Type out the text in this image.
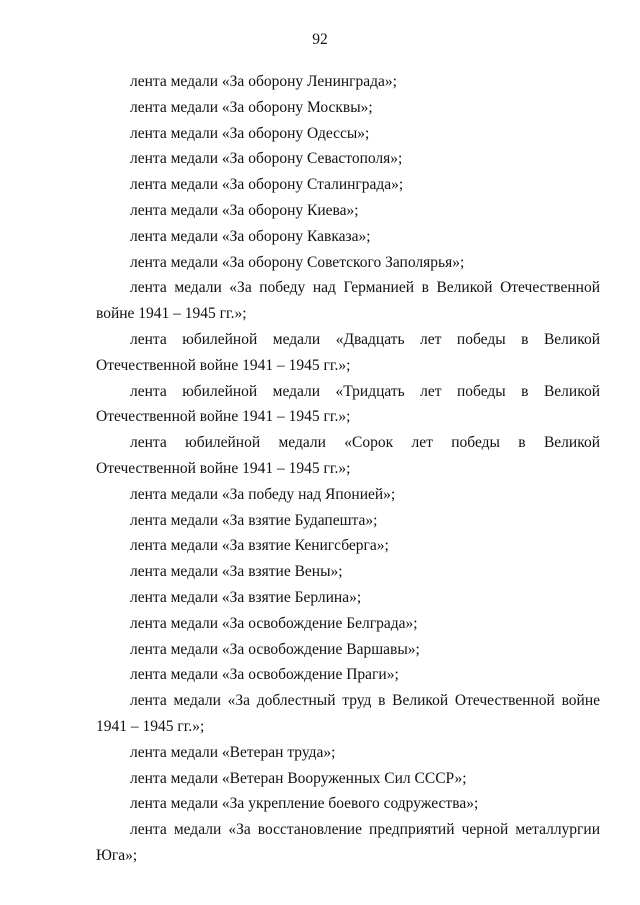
92

лента медали «За оборону Ленинграда»;

лента медали «За оборону Москвы»;

лента медали «За оборону Одессы»;

лента медали «За оборону Севастополя»;

лента медали «За оборону Сталинграда»;

лента медали «За оборону Киева»;

лента медали «За оборону Кавказа»;

лента медали «За оборону Советского Заполярья»;

лента медали «За победу над Германией в Великой Отечественной войне 1941 – 1945 гг.»;

лента юбилейной медали «Двадцать лет победы в Великой Отечественной войне 1941 – 1945 гг.»;

лента юбилейной медали «Тридцать лет победы в Великой Отечественной войне 1941 – 1945 гг.»;

лента юбилейной медали «Сорок лет победы в Великой Отечественной войне 1941 – 1945 гг.»;

лента медали «За победу над Японией»;

лента медали «За взятие Будапешта»;

лента медали «За взятие Кенигсберга»;

лента медали «За взятие Вены»;

лента медали «За взятие Берлина»;

лента медали «За освобождение Белграда»;

лента медали «За освобождение Варшавы»;

лента медали «За освобождение Праги»;

лента медали «За доблестный труд в Великой Отечественной войне 1941 – 1945 гг.»;

лента медали «Ветеран труда»;

лента медали «Ветеран Вооруженных Сил СССР»;

лента медали «За укрепление боевого содружества»;

лента медали «За восстановление предприятий черной металлургии Юга»;
